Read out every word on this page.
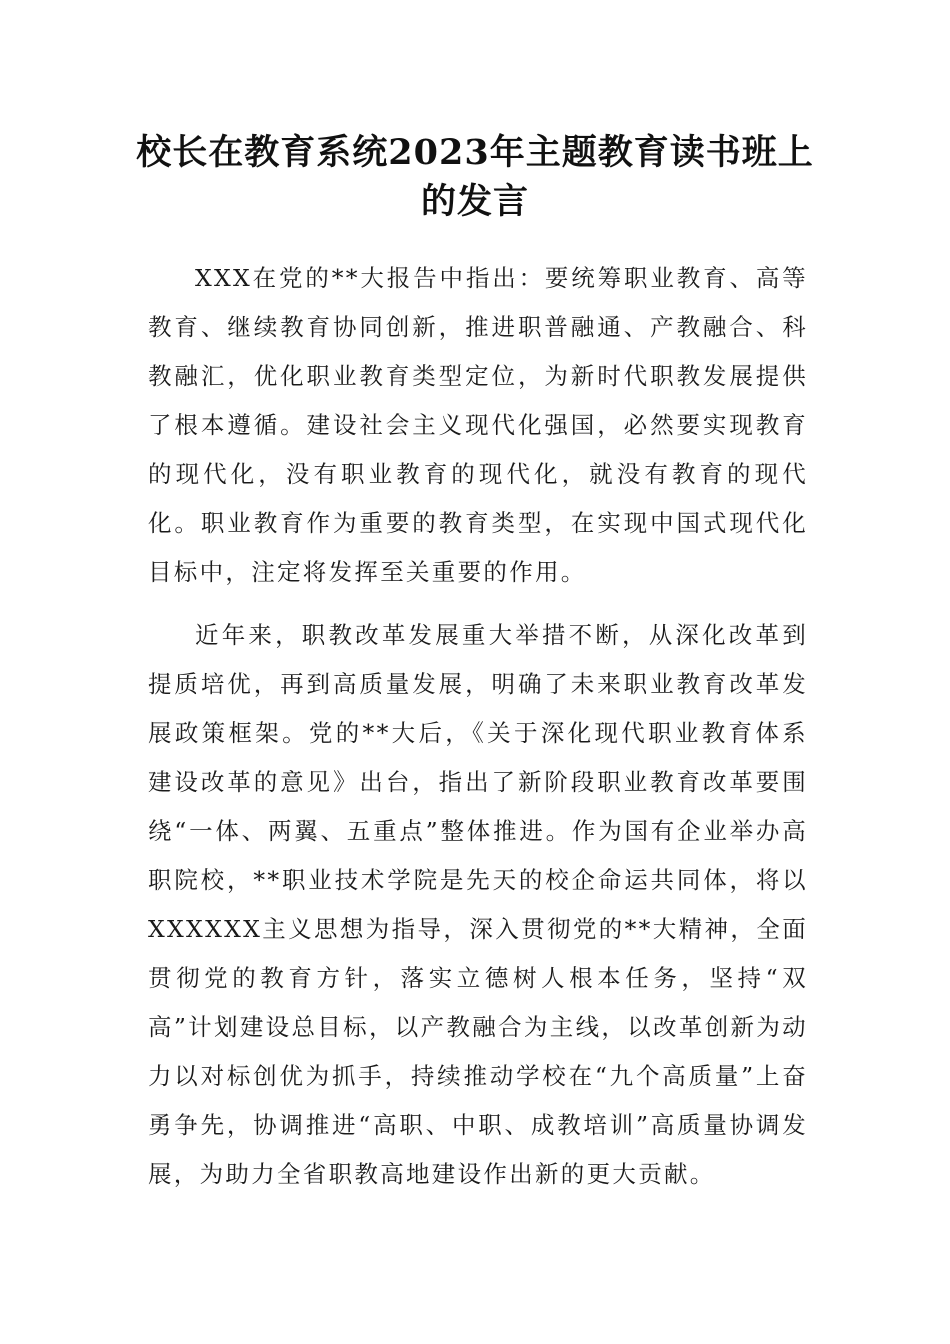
校长在教育系统2023年主题教育读书班上的发言

XXX在党的**大报告中指出：要统筹职业教育、高等教育、继续教育协同创新，推进职普融通、产教融合、科教融汇，优化职业教育类型定位，为新时代职教发展提供了根本遵循。建设社会主义现代化强国，必然要实现教育的现代化，没有职业教育的现代化，就没有教育的现代化。职业教育作为重要的教育类型，在实现中国式现代化目标中，注定将发挥至关重要的作用。

近年来，职教改革发展重大举措不断，从深化改革到提质培优，再到高质量发展，明确了未来职业教育改革发展政策框架。党的**大后，《关于深化现代职业教育体系建设改革的意见》出台，指出了新阶段职业教育改革要围绕“一体、两翼、五重点”整体推进。作为国有企业举办高职院校，**职业技术学院是先天的校企命运共同体，将以XXXXXX主义思想为指导，深入贯彻党的**大精神，全面贯彻党的教育方针，落实立德树人根本任务，坚持“双高”计划建设总目标，以产教融合为主线，以改革创新为动力以对标创优为抓手，持续推动学校在“九个高质量”上奋勇争先，协调推进“高职、中职、成教培训”高质量协调发展，为助力全省职教高地建设作出新的更大贡献。
